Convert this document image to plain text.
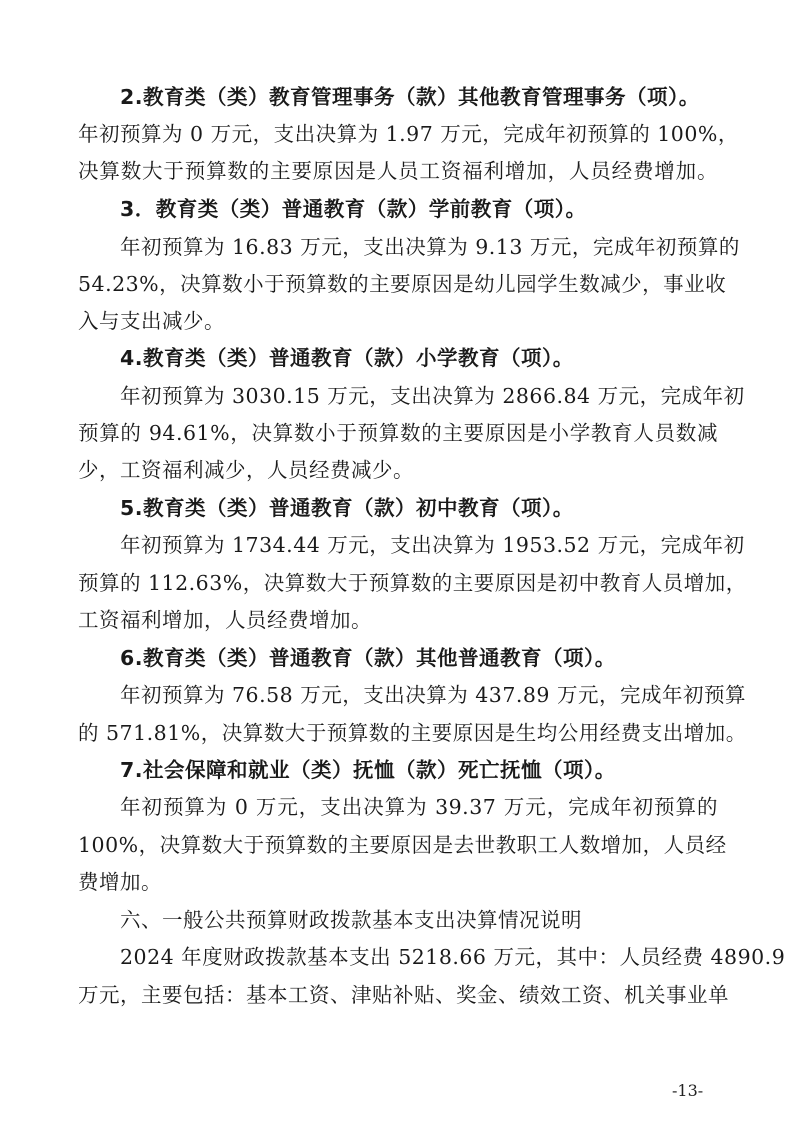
2.教育类（类）教育管理事务（款）其他教育管理事务（项）。
年初预算为 0 万元，支出决算为 1.97 万元，完成年初预算的 100%，
决算数大于预算数的主要原因是人员工资福利增加，人员经费增加。
3．教育类（类）普通教育（款）学前教育（项）。
年初预算为 16.83 万元，支出决算为 9.13 万元，完成年初预算的
54.23%，决算数小于预算数的主要原因是幼儿园学生数减少，事业收
入与支出减少。
4.教育类（类）普通教育（款）小学教育（项）。
年初预算为 3030.15 万元，支出决算为 2866.84 万元，完成年初
预算的 94.61%，决算数小于预算数的主要原因是小学教育人员数减
少，工资福利减少，人员经费减少。
5.教育类（类）普通教育（款）初中教育（项）。
年初预算为 1734.44 万元，支出决算为 1953.52 万元，完成年初
预算的 112.63%，决算数大于预算数的主要原因是初中教育人员增加，
工资福利增加，人员经费增加。
6.教育类（类）普通教育（款）其他普通教育（项）。
年初预算为 76.58 万元，支出决算为 437.89 万元，完成年初预算
的 571.81%，决算数大于预算数的主要原因是生均公用经费支出增加。
7.社会保障和就业（类）抚恤（款）死亡抚恤（项）。
年初预算为 0 万元，支出决算为 39.37 万元，完成年初预算的
100%，决算数大于预算数的主要原因是去世教职工人数增加，人员经
费增加。
六、一般公共预算财政拨款基本支出决算情况说明
2024 年度财政拨款基本支出 5218.66 万元，其中：人员经费 4890.9
万元，主要包括：基本工资、津贴补贴、奖金、绩效工资、机关事业单
-13-
